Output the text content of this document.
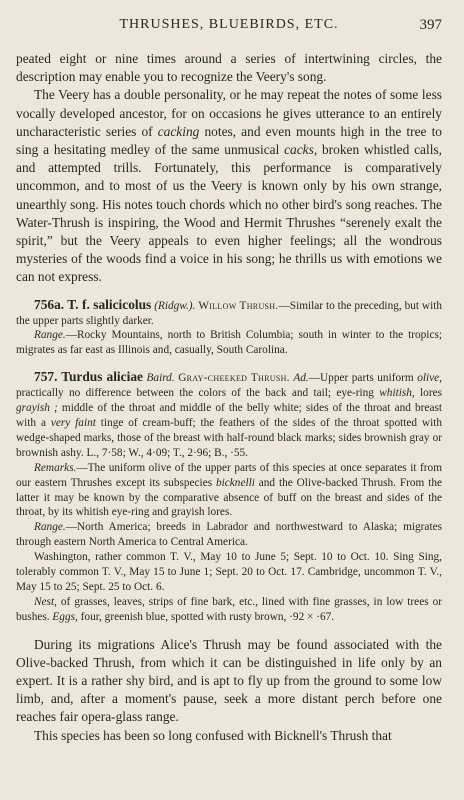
THRUSHES, BLUEBIRDS, ETC.	397

peated eight or nine times around a series of intertwining circles, the description may enable you to recognize the Veery's song.

The Veery has a double personality, or he may repeat the notes of some less vocally developed ancestor, for on occasions he gives utterance to an entirely uncharacteristic series of cacking notes, and even mounts high in the tree to sing a hesitating medley of the same unmusical cacks, broken whistled calls, and attempted trills. Fortunately, this performance is comparatively uncommon, and to most of us the Veery is known only by his own strange, unearthly song. His notes touch chords which no other bird's song reaches. The Water-Thrush is inspiring, the Wood and Hermit Thrushes “serenely exalt the spirit,” but the Veery appeals to even higher feelings; all the wondrous mysteries of the woods find a voice in his song; he thrills us with emotions we can not express.

756a. T. f. salicicolus (Ridgw.). Willow Thrush.—Similar to the preceding, but with the upper parts slightly darker.

Range.—Rocky Mountains, north to British Columbia; south in winter to the tropics; migrates as far east as Illinois and, casually, South Carolina.

757. Turdus aliciae Baird. Gray-cheeked Thrush. Ad.—Upper parts uniform olive, practically no difference between the colors of the back and tail; eye-ring whitish, lores grayish ; middle of the throat and middle of the belly white; sides of the throat and breast with a very faint tinge of cream-buff; the feathers of the sides of the throat spotted with wedge-shaped marks, those of the breast with half-round black marks; sides brownish gray or brownish ashy. L., 7·58; W., 4·09; T., 2·96; B., ·55.

Remarks.—The uniform olive of the upper parts of this species at once separates it from our eastern Thrushes except its subspecies bicknelli and the Olive-backed Thrush. From the latter it may be known by the comparative absence of buff on the breast and sides of the throat, by its whitish eye-ring and grayish lores.

Range.—North America; breeds in Labrador and northwestward to Alaska; migrates through eastern North America to Central America.

Washington, rather common T. V., May 10 to June 5; Sept. 10 to Oct. 10. Sing Sing, tolerably common T. V., May 15 to June 1; Sept. 20 to Oct. 17. Cambridge, uncommon T. V., May 15 to 25; Sept. 25 to Oct. 6.

Nest, of grasses, leaves, strips of fine bark, etc., lined with fine grasses, in low trees or bushes. Eggs, four, greenish blue, spotted with rusty brown, ·92 × ·67.

During its migrations Alice's Thrush may be found associated with the Olive-backed Thrush, from which it can be distinguished in life only by an expert. It is a rather shy bird, and is apt to fly up from the ground to some low limb, and, after a moment's pause, seek a more distant perch before one reaches fair opera-glass range.

This species has been so long confused with Bicknell's Thrush that
